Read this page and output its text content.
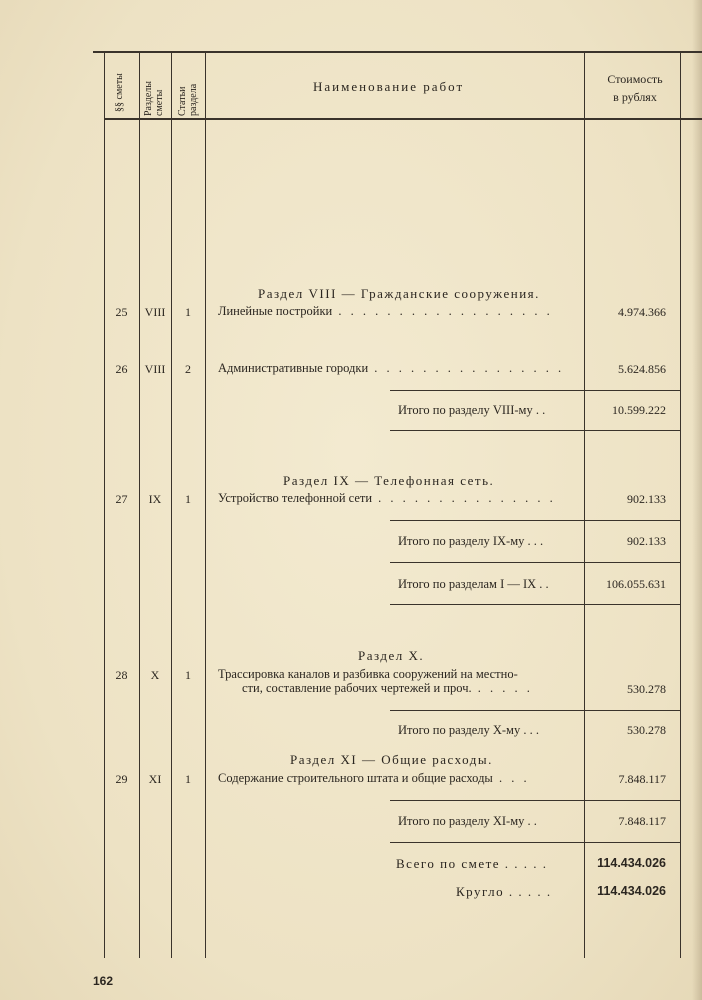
§§ сметы Разделы сметы Статьи раздела	Наименование работ	Стоимость
в рублях
Раздел VIII — Гражданские сооружения.
25	VIII	1	Линейные постройки . . . . . . . . . . . . . . . . . .	4.974.366
26	VIII	2	Административные городки . . . . . . . . . . . . . . . .	5.624.856
Итого по разделу VIII-му . .	10.599.222
Раздел IX — Телефонная сеть.
27	IX	1	Устройство телефонной сети . . . . . . . . . . . . . . .	902.133
Итого по разделу IX-му . . .	902.133
Итого по разделам I — IX . .	106.055.631
Раздел X.
28	X	1	Трассировка каналов и разбивка сооружений на местно-
сти, составление рабочих чертежей и проч. . . . . .	530.278
Итого по разделу X-му . . .	530.278
Раздел XI — Общие расходы.
29	XI	1	Содержание строительного штата и общие расходы . . .	7.848.117
Итого по разделу XI-му . .	7.848.117
Всего по смете . . . . .	114.434.026
Кругло . . . . .	114.434.026
162
